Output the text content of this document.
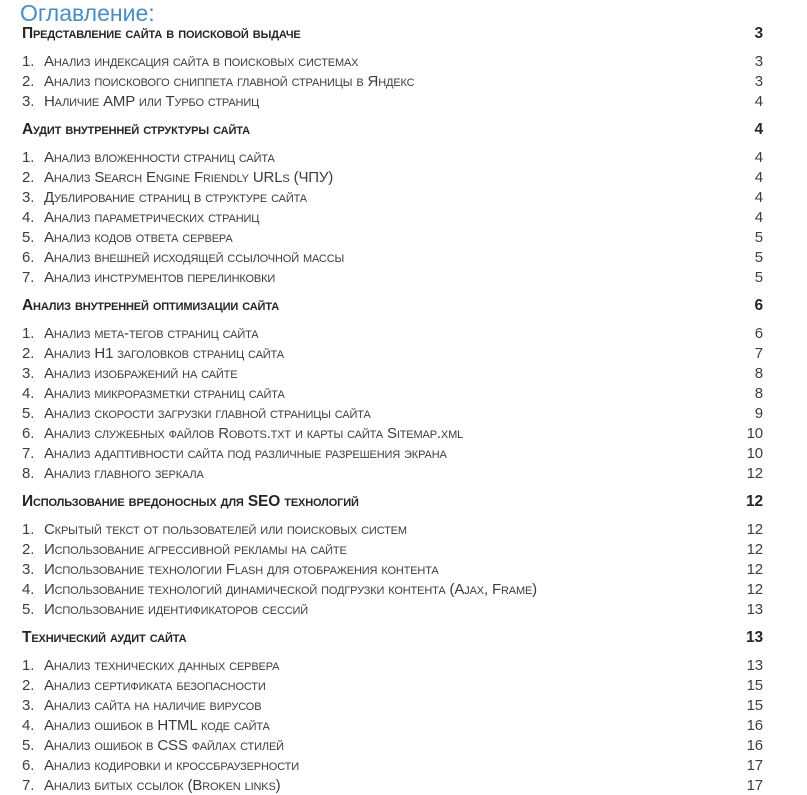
Оглавление:
Представление сайта в поисковой выдаче	3
1. Анализ индексация сайта в поисковых системах	3
2. Анализ поискового сниппета главной страницы в Яндекс	3
3. Наличие AMP или Турбо страниц	4
Аудит внутренней структуры сайта	4
1. Анализ вложенности страниц сайта	4
2. Анализ Search Engine Friendly URLs (ЧПУ)	4
3. Дублирование страниц в структуре сайта	4
4. Анализ параметрических страниц	4
5. Анализ кодов ответа сервера	5
6. Анализ внешней исходящей ссылочной массы	5
7. Анализ инструментов перелинковки	5
Анализ внутренней оптимизации сайта	6
1. Анализ мета-тегов страниц сайта	6
2. Анализ H1 заголовков страниц сайта	7
3. Анализ изображений на сайте	8
4. Анализ микроразметки страниц сайта	8
5. Анализ скорости загрузки главной страницы сайта	9
6. Анализ служебных файлов Robots.txt и карты сайта Sitemap.xml	10
7. Анализ адаптивности сайта под различные разрешения экрана	10
8. Анализ главного зеркала	12
Использование вредоносных для SEO технологий	12
1. Скрытый текст от пользователей или поисковых систем	12
2. Использование агрессивной рекламы на сайте	12
3. Использование технологии Flash для отображения контента	12
4. Использование технологий динамической подгрузки контента (Ajax, Frame)	12
5. Использование идентификаторов сессий	13
Технический аудит сайта	13
1. Анализ технических данных сервера	13
2. Анализ сертификата безопасности	15
3. Анализ сайта на наличие вирусов	15
4. Анализ ошибок в HTML коде сайта	16
5. Анализ ошибок в CSS файлах стилей	16
6. Анализ кодировки и кроссбраузерности	17
7. Анализ битых ссылок (Broken links)	17
